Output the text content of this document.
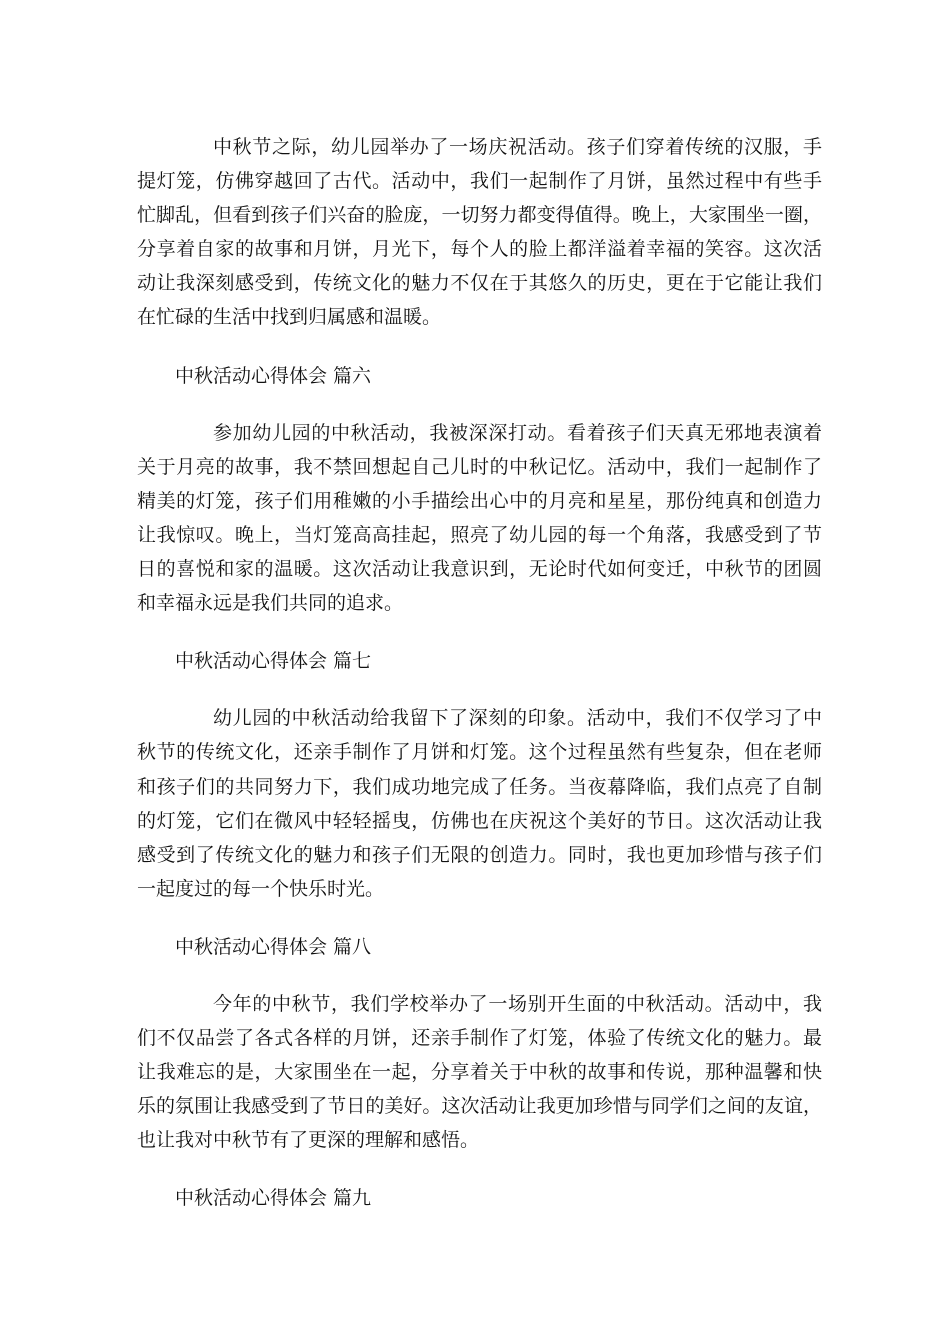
中秋节之际，幼儿园举办了一场庆祝活动。孩子们穿着传统的汉服，手
提灯笼，仿佛穿越回了古代。活动中，我们一起制作了月饼，虽然过程中有些手
忙脚乱，但看到孩子们兴奋的脸庞，一切努力都变得值得。晚上，大家围坐一圈，
分享着自家的故事和月饼，月光下，每个人的脸上都洋溢着幸福的笑容。这次活
动让我深刻感受到，传统文化的魅力不仅在于其悠久的历史，更在于它能让我们
在忙碌的生活中找到归属感和温暖。
中秋活动心得体会 篇六
参加幼儿园的中秋活动，我被深深打动。看着孩子们天真无邪地表演着
关于月亮的故事，我不禁回想起自己儿时的中秋记忆。活动中，我们一起制作了
精美的灯笼，孩子们用稚嫩的小手描绘出心中的月亮和星星，那份纯真和创造力
让我惊叹。晚上，当灯笼高高挂起，照亮了幼儿园的每一个角落，我感受到了节
日的喜悦和家的温暖。这次活动让我意识到，无论时代如何变迁，中秋节的团圆
和幸福永远是我们共同的追求。
中秋活动心得体会 篇七
幼儿园的中秋活动给我留下了深刻的印象。活动中，我们不仅学习了中
秋节的传统文化，还亲手制作了月饼和灯笼。这个过程虽然有些复杂，但在老师
和孩子们的共同努力下，我们成功地完成了任务。当夜幕降临，我们点亮了自制
的灯笼，它们在微风中轻轻摇曳，仿佛也在庆祝这个美好的节日。这次活动让我
感受到了传统文化的魅力和孩子们无限的创造力。同时，我也更加珍惜与孩子们
一起度过的每一个快乐时光。
中秋活动心得体会 篇八
今年的中秋节，我们学校举办了一场别开生面的中秋活动。活动中，我
们不仅品尝了各式各样的月饼，还亲手制作了灯笼，体验了传统文化的魅力。最
让我难忘的是，大家围坐在一起，分享着关于中秋的故事和传说，那种温馨和快
乐的氛围让我感受到了节日的美好。这次活动让我更加珍惜与同学们之间的友谊，
也让我对中秋节有了更深的理解和感悟。
中秋活动心得体会 篇九
